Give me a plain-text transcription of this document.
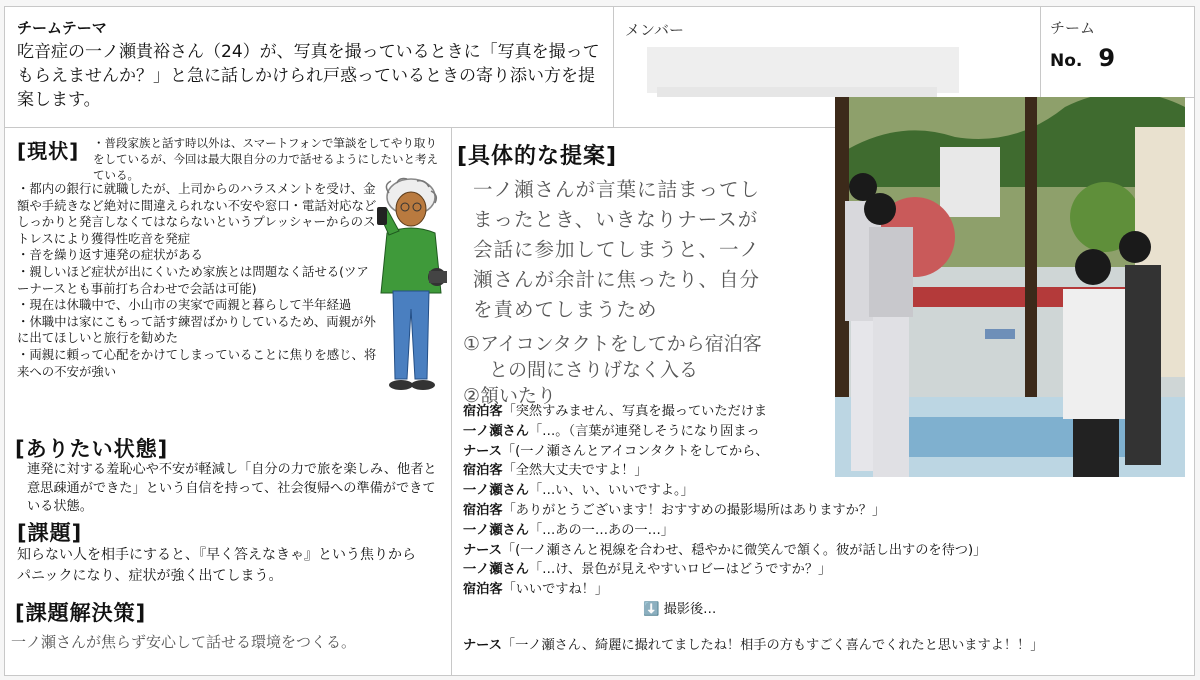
チームテーマ
吃音症の一ノ瀬貴裕さん（24）が、写真を撮っているときに「写真を撮ってもらえませんか？」と急に話しかけられ戸惑っているときの寄り添い方を提案します。
メンバー	チーム
No. 9
[現状]	・普段家族と話す時以外は、スマートフォンで筆談をしてやり取りをしているが、今回は最大限自分の力で話せるようにしたいと考えている。
・都内の銀行に就職したが、上司からのハラスメントを受け、金額や手続きなど絶対に間違えられない不安や窓口・電話対応などしっかりと発言しなくてはならないというプレッシャーからのストレスにより獲得性吃音を発症
・音を繰り返す連発の症状がある
・親しいほど症状が出にくいため家族とは問題なく話せる(ツアーナースとも事前打ち合わせで会話は可能)
・現在は休職中で、小山市の実家で両親と暮らして半年経過
・休職中は家にこもって話す練習ばかりしているため、両親が外に出てほしいと旅行を勧めた
・両親に頼って心配をかけてしまっていることに焦りを感じ、将来への不安が強い
[ありたい状態]
連発に対する羞恥心や不安が軽減し「自分の力で旅を楽しみ、他者と意思疎通ができた」という自信を持って、社会復帰への準備ができている状態。
[課題]
知らない人を相手にすると、『早く答えなきゃ』という焦りからパニックになり、症状が強く出てしまう。
[課題解決策]
一ノ瀬さんが焦らず安心して話せる環境をつくる。
[具体的な提案]
一ノ瀬さんが言葉に詰まってし
まったとき、いきなりナースが
会話に参加してしまうと、一ノ
瀬さんが余計に焦ったり、自分
を責めてしまうため
①アイコンタクトをしてから宿泊客
との間にさりげなく入る
②頷いたり
宿泊客「突然すみません、写真を撮っていただけま
一ノ瀬さん「…。（言葉が連発しそうになり固まっ
ナース「(一ノ瀬さんとアイコンタクトをしてから、
宿泊客「全然大丈夫ですよ！」
一ノ瀬さん「…い、い、いいですよ。」
宿泊客「ありがとうございます！おすすめの撮影場所はありますか？」
一ノ瀬さん「…あの一…あの一…」
ナース「(一ノ瀬さんと視線を合わせ、穏やかに微笑んで頷く。彼が話し出すのを待つ)」
一ノ瀬さん「…け、景色が見えやすいロビーはどうですか？」
宿泊客「いいですね！」
⬇️ 撮影後…
ナース「一ノ瀬さん、綺麗に撮れてましたね！相手の方もすごく喜んでくれたと思いますよ！！」
